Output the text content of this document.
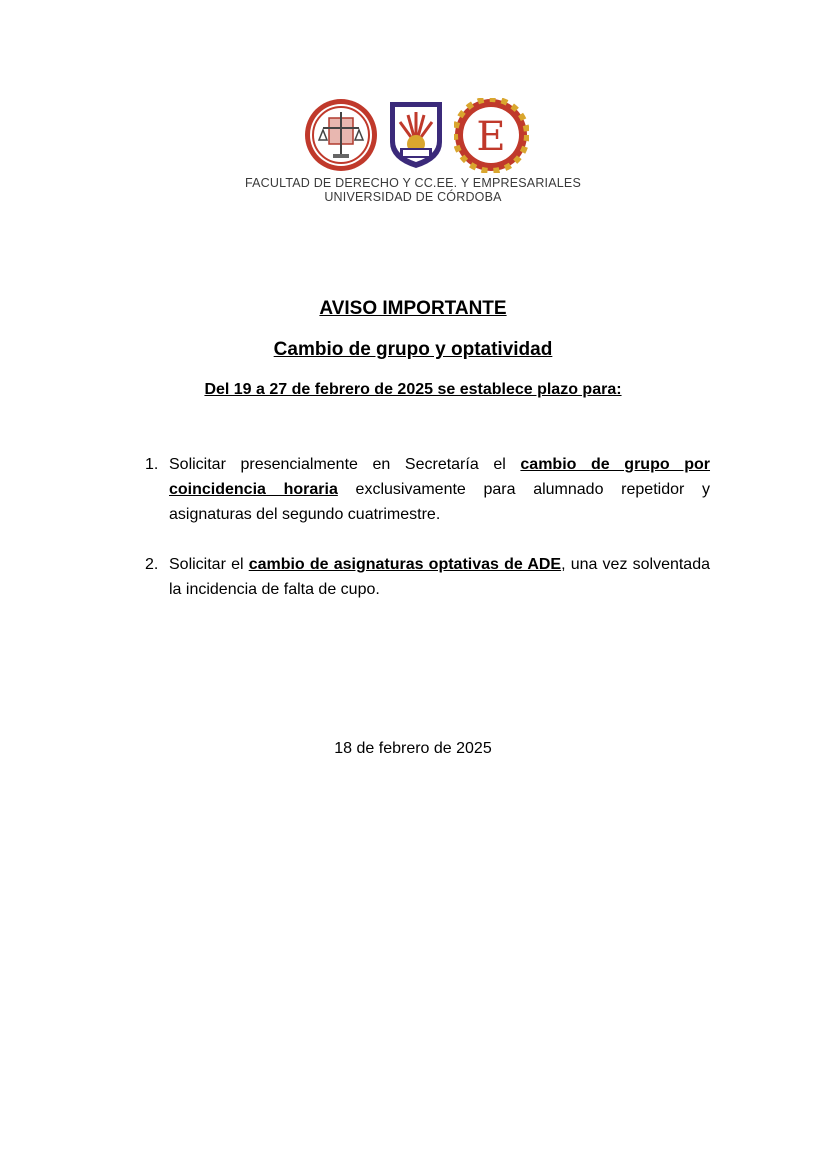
E
FACULTAD DE DERECHO Y CC.EE. Y EMPRESARIALES
UNIVERSIDAD DE CÓRDOBA
AVISO IMPORTANTE
Cambio de grupo y optatividad
Del 19 a 27 de febrero de 2025 se establece plazo para:
1. Solicitar presencialmente en Secretaría el cambio de grupo por coincidencia horaria exclusivamente para alumnado repetidor y asignaturas del segundo cuatrimestre.
2. Solicitar el cambio de asignaturas optativas de ADE, una vez solventada la incidencia de falta de cupo.
18 de febrero de 2025
